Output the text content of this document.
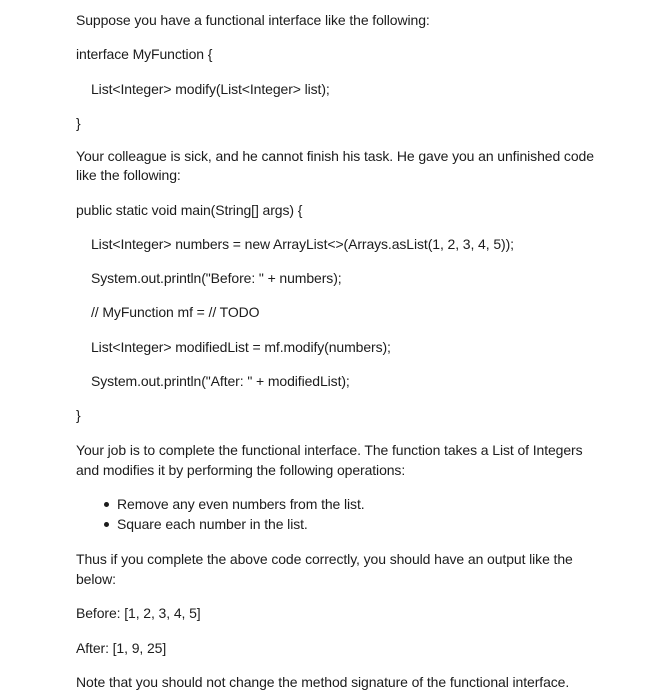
Suppose you have a functional interface like the following:
interface MyFunction {
List<Integer> modify(List<Integer> list);
}
Your colleague is sick, and he cannot finish his task. He gave you an unfinished code
like the following:
public static void main(String[] args) {
List<Integer> numbers = new ArrayList<>(Arrays.asList(1, 2, 3, 4, 5));
System.out.println("Before: " + numbers);
// MyFunction mf = // TODO
List<Integer> modifiedList = mf.modify(numbers);
System.out.println("After: " + modifiedList);
}
Your job is to complete the functional interface. The function takes a List of Integers
and modifies it by performing the following operations:
Remove any even numbers from the list.
Square each number in the list.
Thus if you complete the above code correctly, you should have an output like the
below:
Before: [1, 2, 3, 4, 5]
After: [1, 9, 25]
Note that you should not change the method signature of the functional interface.
